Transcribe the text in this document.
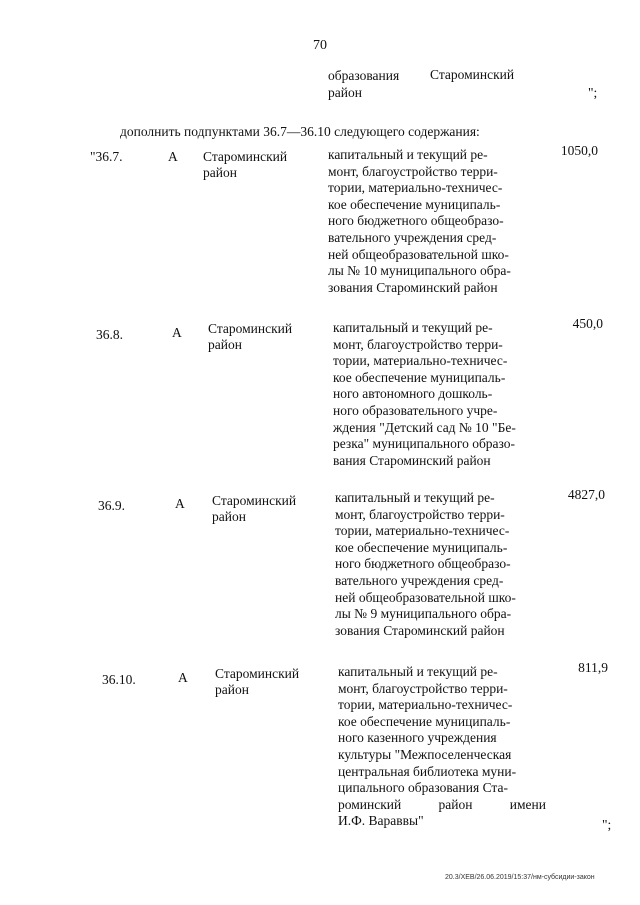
70
образования
район
Староминский
";
дополнить подпунктами 36.7—36.10 следующего содержания:
"36.7.	А Староминский
район
капитальный и текущий ре-
монт, благоустройство терри-
тории, материально-техничес-
кое обеспечение муниципаль-
ного бюджетного общеобразо-
вательного учреждения сред-
ней общеобразовательной шко-
лы № 10 муниципального обра-
зования Староминский район
1050,0
36.8.	А Староминский
район
капитальный и текущий ре-
монт, благоустройство терри-
тории, материально-техничес-
кое обеспечение муниципаль-
ного автономного дошколь-
ного образовательного учре-
ждения "Детский сад № 10 "Бе-
резка" муниципального образо-
вания Староминский район
450,0
36.9.	А Староминский
район
капитальный и текущий ре-
монт, благоустройство терри-
тории, материально-техничес-
кое обеспечение муниципаль-
ного бюджетного общеобразо-
вательного учреждения сред-
ней общеобразовательной шко-
лы № 9 муниципального обра-
зования Староминский район
4827,0
36.10.	А Староминский
район
капитальный и текущий ре-
монт, благоустройство терри-
тории, материально-техничес-
кое обеспечение муниципаль-
ного казенного учреждения
культуры "Межпоселенческая
центральная библиотека муни-
ципального образования Ста-
роминский район имени
И.Ф. Вараввы"
811,9
";
20.3/ХЕВ/26.06.2019/15:37/нм-субсидии-закон
